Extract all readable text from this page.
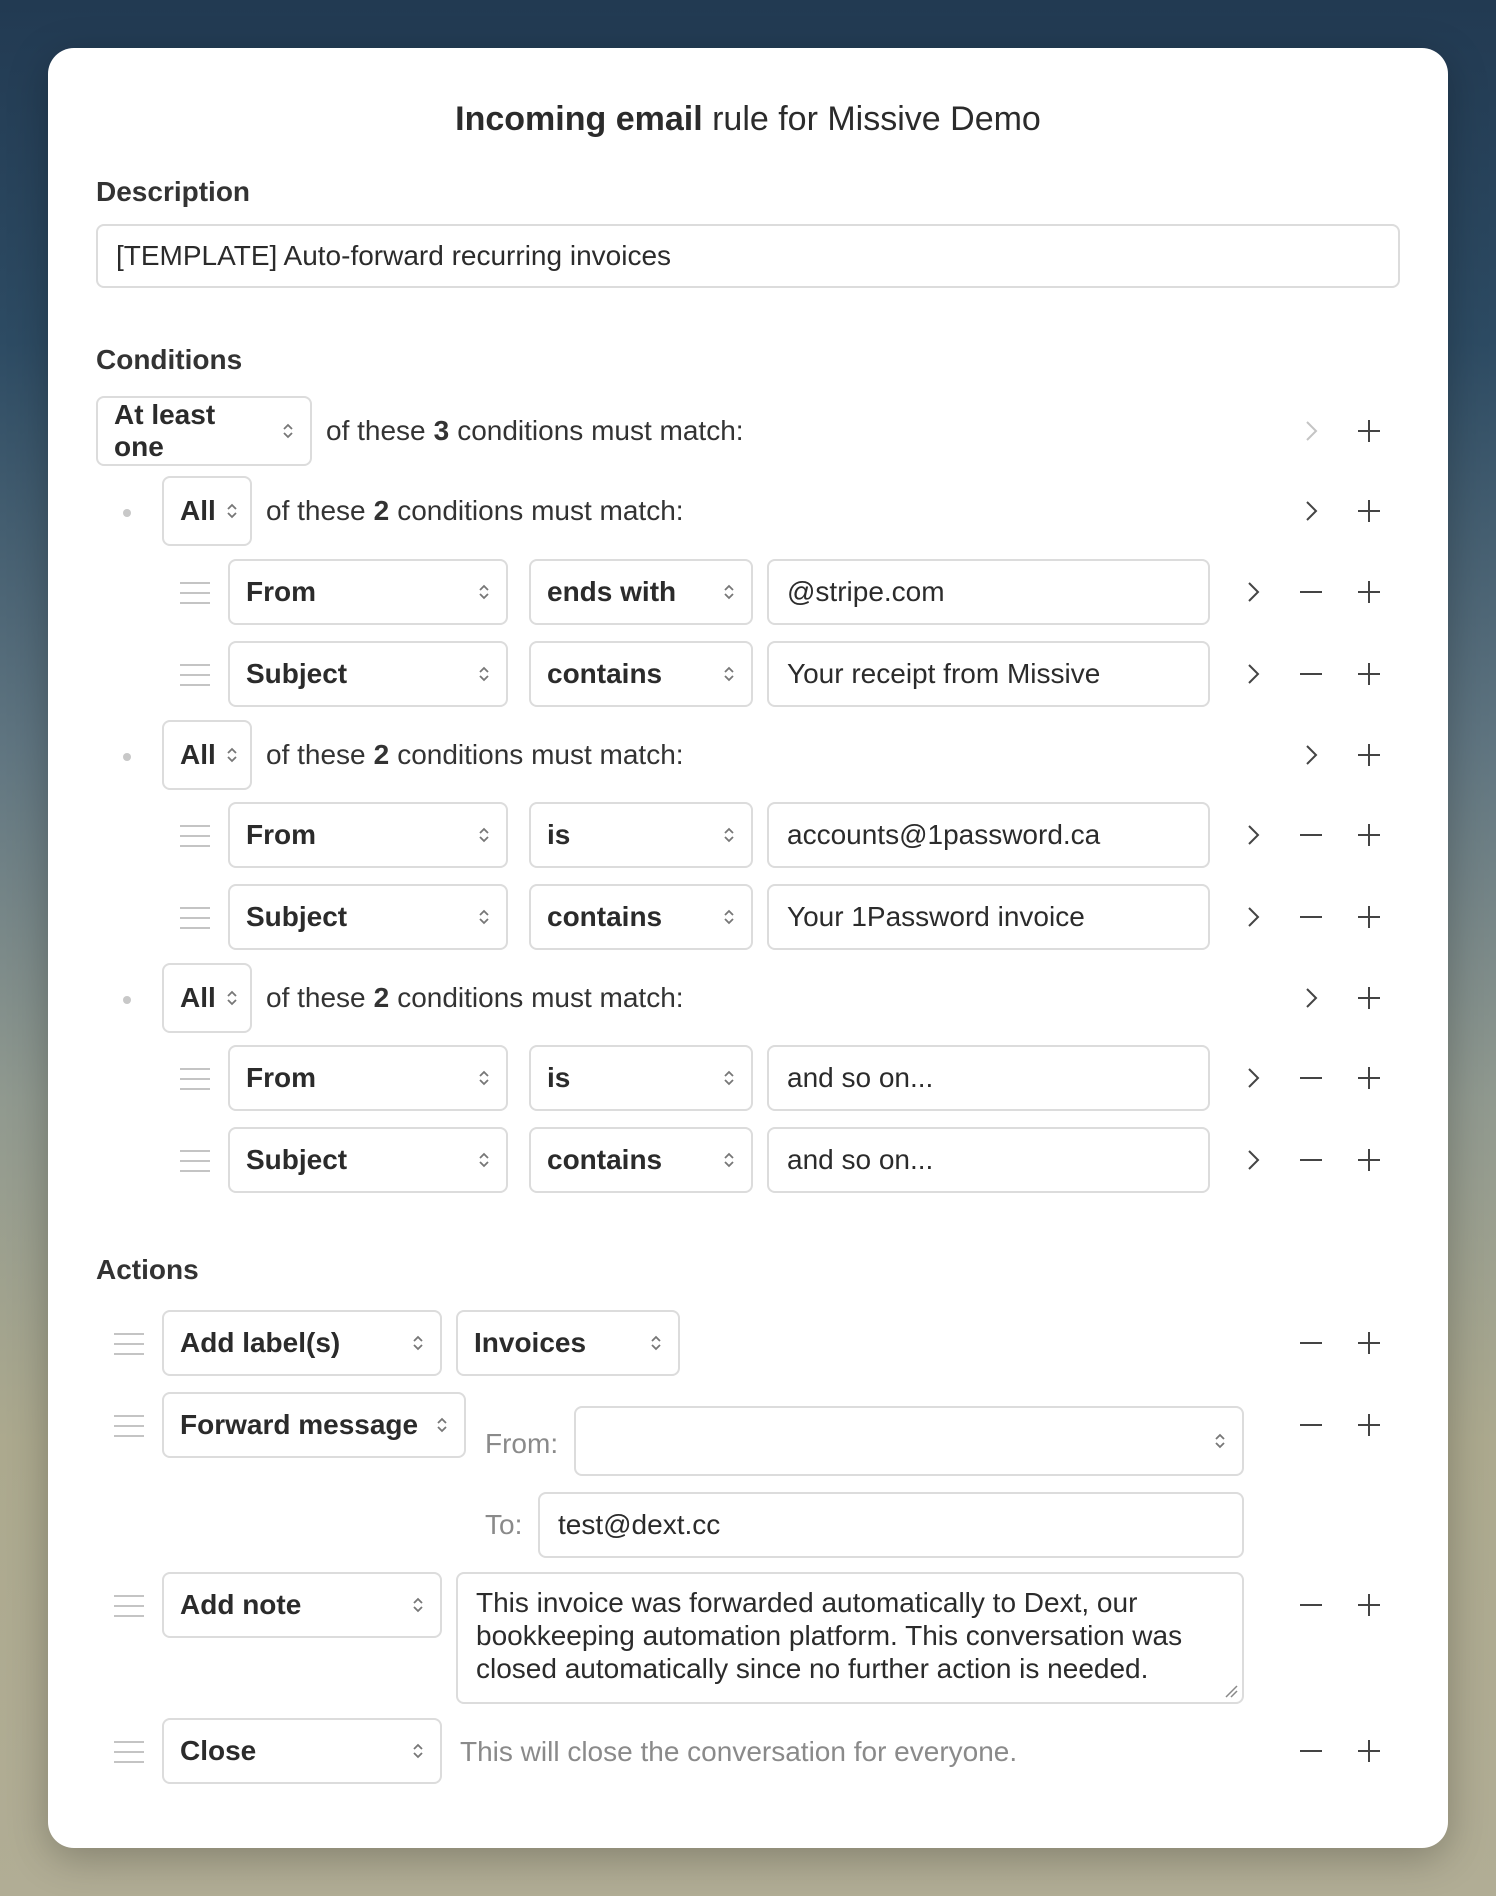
Incoming email rule for Missive Demo
Description
[TEMPLATE] Auto-forward recurring invoices
Conditions
At least one
of these 3 conditions must match:
All of these 2 conditions must match:
From	ends with	@stripe.com
Subject	contains	Your receipt from Missive
All of these 2 conditions must match:
From	is	accounts@1password.ca
Subject	contains	Your 1Password invoice
All of these 2 conditions must match:
From	is	and so on...
Subject	contains	and so on...
Actions
Add label(s)	Invoices
Forward message
From:
To: test@dext.cc
Add note	This invoice was forwarded automatically to Dext, our bookkeeping automation platform. This conversation was closed automatically since no further action is needed.
Close	This will close the conversation for everyone.
